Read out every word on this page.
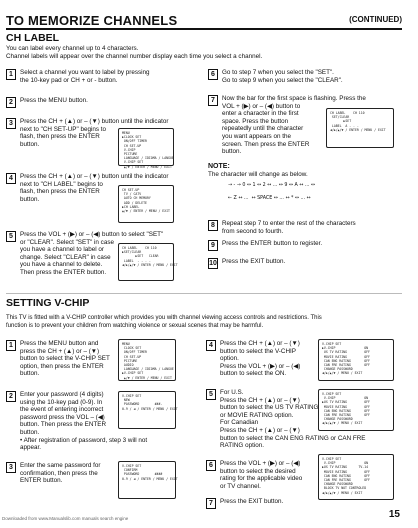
TO MEMORIZE CHANNELS	(CONTINUED)
CH LABEL
You can label every channel up to 4 characters.
Channel labels will appear over the channel number display each time you select a channel.
1	Select a channel you want to label by pressing
the 10-key pad or CH + or - button.
2	Press the MENU button.
3	Press the CH + (▲) or – (▼) button until the indicator
next to "CH SET-UP" begins to
flash, then press the ENTER
button.
4	Press the CH + (▲) or – (▼) button until the indicator
next to "CH LABEL" begins to
flash, then press the ENTER
button.
5	Press the VOL + (▶) or – (◀) button to select "SET"
or "CLEAR". Select "SET" in case
you have a channel to label or
change. Select "CLEAR" in case
you have a channel to delete.
Then press the ENTER button.
6	Go to step 7 when you select the "SET".
Go to step 9 when you select the "CLEAR".
7	Now the bar for the first space is flashing. Press the
VOL + (▶) or – (◀) button to
enter a character in the first
space. Press the button
repeatedly until the character
you want appears on the
screen. Then press the ENTER
button.
8	Repeat step 7 to enter the rest of the characters
from second to fourth.
9	Press the ENTER button to register.
10 Press the EXIT button.
MENU
▶CLOCK SET
ON/OFF TIMER
CH SET-UP
V-CHIP
PICTURE
LANGUAGE / IDIOMA / LANGUE
V-CHIP SET
▲/▼ / ENTER / MENU / EXIT
CH SET-UP
TV / CATV
AUTO CH MEMORY
ADD / DELETE
▶CH LABEL
▲/▼ / ENTER / MENU / EXIT
CH LABEL    CH 110
▶SET/CLEAR
▶SET   CLEAR
LABEL  - - - -
◀/▶/▲/▼ / ENTER / MENU / EXIT
CH LABEL    CH 110
SET/CLEAR
▶SET
LABEL  A - - -
◀/▶/▲/▼ / ENTER / MENU / EXIT
NOTE:
The character will change as below.
→ - → 0 ↔ 1 ↔ 2 ↔ ... ↔ 9 ↔ A ↔ ... ↔
← Z ↔ ...  ↔ SPACE ↔ ... ↔ * ↔ ... ↔
SETTING V-CHIP
This TV is fitted with a V-CHIP controller which provides you with channel viewing access controls and restrictions. This
function is to prevent your children from watching violence or sexual scenes that may be harmful.
1	Press the MENU button and
press the CH + (▲) or – (▼)
button to select the V-CHIP SET
option, then press the ENTER
button.
2	Enter your password (4 digits)
using the 10-key pad (0-9). In
the event of entering incorrect
password press the VOL – (◀)
button. Then press the ENTER
button.
• After registration of password, step 3 will not
appear.
3	Enter the same password for
confirmation, then press the
ENTER button.
4	Press the CH + (▲) or – (▼)
button to select the V-CHIP
option.
Press the VOL + (▶) or – (◀)
button to select the ON.
5	For U.S.
Press the CH + (▲) or – (▼)
button to select the US TV RATING
or MOVIE RATING option.
For Canadian
Press the CH + (▲) or – (▼)
button to select the CAN ENG RATING or CAN FRE
RATING option.
6	Press the VOL + (▶) or – (◀)
button to select the desired
rating for the applicable video
or TV channel.
7	Press the EXIT button.
MENU
CLOCK SET
ON/OFF TIMER
CH SET-UP
PICTURE
AUDIO
LANGUAGE / IDIOMA / LANGUE
▶V-CHIP SET
▲/▼ / ENTER / MENU / EXIT
V-CHIP SET
NEW
PASSWORD        ###-
0-9 / ◀ / ENTER / MENU / EXIT
V-CHIP SET
CONFIRM
PASSWORD        ####
0-9 / ◀ / ENTER / MENU / EXIT
V-CHIP SET
▶V-CHIP               ON
US TV RATING         OFF
MOVIE RATING         OFF
CAN ENG RATING       OFF
CAN FRE RATING       OFF
CHANGE PASSWORD
◀/▶/▲/▼ / MENU / EXIT
V-CHIP SET
V-CHIP               ON
▶US TV RATING         OFF
MOVIE RATING         OFF
CAN ENG RATING       OFF
CAN FRE RATING       OFF
CHANGE PASSWORD
◀/▶/▲/▼ / MENU / EXIT
V-CHIP SET
V-CHIP               ON
▶US TV RATING      TV-14
MOVIE RATING         OFF
CAN ENG RATING       OFF
CAN FRE RATING       OFF
CHANGE PASSWORD
BLOCK TV NOT CONTROLED
◀/▶/▲/▼ / MENU / EXIT
Downloaded from www.Manualslib.com manuals search engine	15
